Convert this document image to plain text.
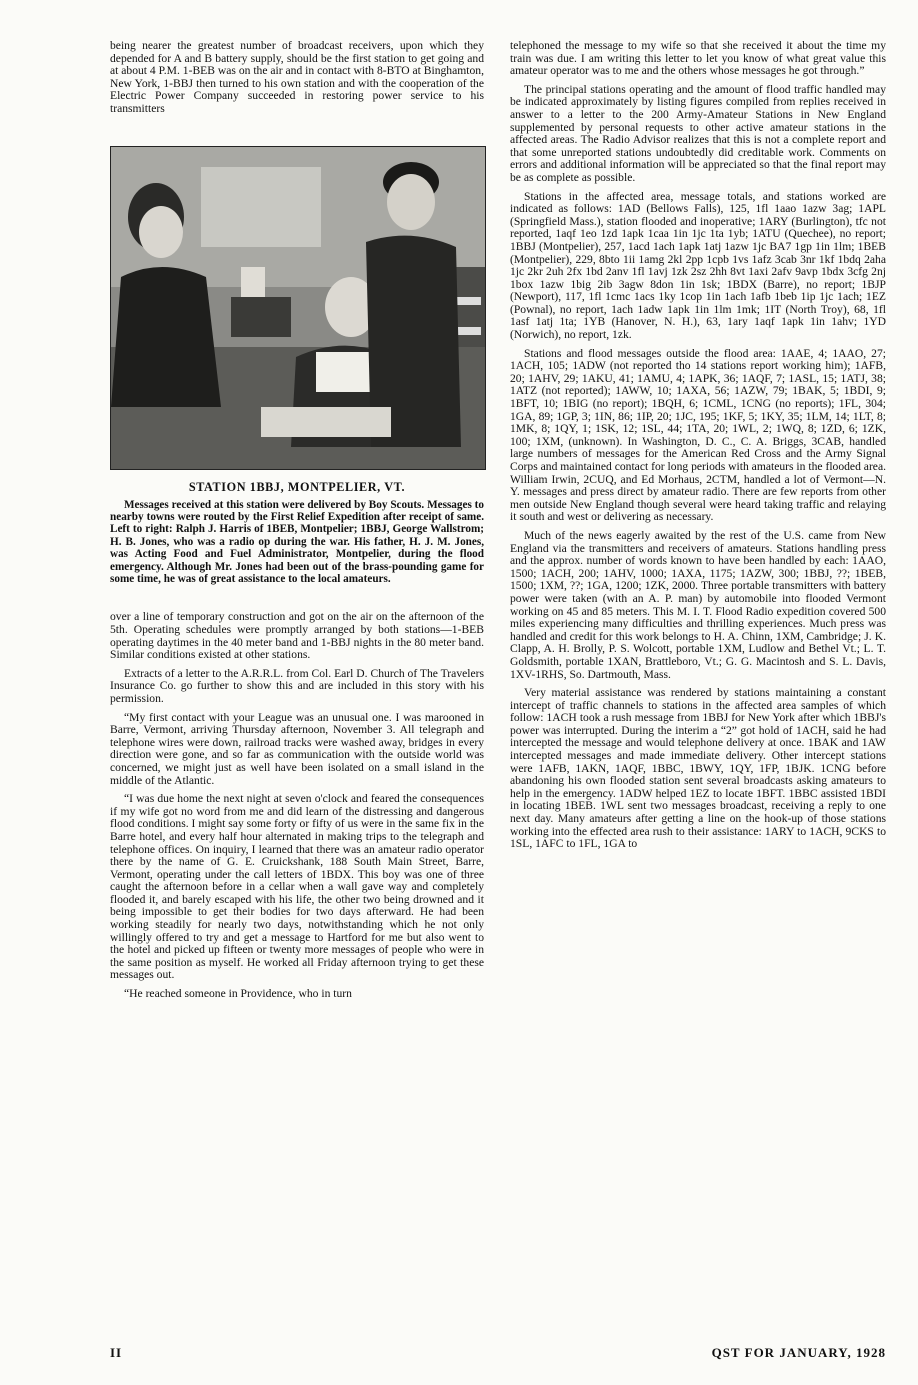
being nearer the greatest number of broadcast receivers, upon which they depended for A and B battery supply, should be the first station to get going and at about 4 P.M. 1-BEB was on the air and in contact with 8-BTO at Binghamton, New York, 1-BBJ then turned to his own station and with the cooperation of the Electric Power Company succeeded in restoring power service to his transmitters

STATION 1BBJ, MONTPELIER, VT.

Messages received at this station were delivered by Boy Scouts. Messages to nearby towns were routed by the First Relief Expedition after receipt of same. Left to right: Ralph J. Harris of 1BEB, Montpelier; 1BBJ, George Wallstrom; H. B. Jones, who was a radio op during the war. His father, H. J. M. Jones, was Acting Food and Fuel Administrator, Montpelier, during the flood emergency. Although Mr. Jones had been out of the brass-pounding game for some time, he was of great assistance to the local amateurs.

over a line of temporary construction and got on the air on the afternoon of the 5th. Operating schedules were promptly arranged by both stations—1-BEB operating daytimes in the 40 meter band and 1-BBJ nights in the 80 meter band. Similar conditions existed at other stations.

Extracts of a letter to the A.R.R.L. from Col. Earl D. Church of The Travelers Insurance Co. go further to show this and are included in this story with his permission.

“My first contact with your League was an unusual one. I was marooned in Barre, Vermont, arriving Thursday afternoon, November 3. All telegraph and telephone wires were down, railroad tracks were washed away, bridges in every direction were gone, and so far as communication with the outside world was concerned, we might just as well have been isolated on a small island in the middle of the Atlantic.

“I was due home the next night at seven o'clock and feared the consequences if my wife got no word from me and did learn of the distressing and dangerous flood conditions. I might say some forty or fifty of us were in the same fix in the Barre hotel, and every half hour alternated in making trips to the telegraph and telephone offices. On inquiry, I learned that there was an amateur radio operator there by the name of G. E. Cruickshank, 188 South Main Street, Barre, Vermont, operating under the call letters of 1BDX. This boy was one of three caught the afternoon before in a cellar when a wall gave way and completely flooded it, and barely escaped with his life, the other two being drowned and it being impossible to get their bodies for two days afterward. He had been working steadily for nearly two days, notwithstanding which he not only willingly offered to try and get a message to Hartford for me but also went to the hotel and picked up fifteen or twenty more messages of people who were in the same position as myself. He worked all Friday afternoon trying to get these messages out.

“He reached someone in Providence, who in turn

telephoned the message to my wife so that she received it about the time my train was due. I am writing this letter to let you know of what great value this amateur operator was to me and the others whose messages he got through.”

The principal stations operating and the amount of flood traffic handled may be indicated approximately by listing figures compiled from replies received in answer to a letter to the 200 Army-Amateur Stations in New England supplemented by personal requests to other active amateur stations in the affected areas. The Radio Advisor realizes that this is not a complete report and that some unreported stations undoubtedly did creditable work. Comments on errors and additional information will be appreciated so that the final report may be as complete as possible.

Stations in the affected area, message totals, and stations worked are indicated as follows: 1AD (Bellows Falls), 125, 1fl 1aao 1azw 3ag; 1APL (Springfield Mass.), station flooded and inoperative; 1ARY (Burlington), tfc not reported, 1aqf 1eo 1zd 1apk 1caa 1in 1jc 1ta 1yb; 1ATU (Quechee), no report; 1BBJ (Montpelier), 257, 1acd 1ach 1apk 1atj 1azw 1jc BA7 1gp 1in 1lm; 1BEB (Montpelier), 229, 8bto 1ii 1amg 2kl 2pp 1cpb 1vs 1afz 3cab 3nr 1kf 1bdq 2aha 1jc 2kr 2uh 2fx 1bd 2anv 1fl 1avj 1zk 2sz 2hh 8vt 1axi 2afv 9avp 1bdx 3cfg 2nj 1box 1azw 1big 2ib 3agw 8don 1in 1sk; 1BDX (Barre), no report; 1BJP (Newport), 117, 1fl 1cmc 1acs 1ky 1cop 1in 1ach 1afb 1beb 1ip 1jc 1ach; 1EZ (Pownal), no report, 1ach 1adw 1apk 1in 1lm 1mk; 1IT (North Troy), 68, 1fl 1asf 1atj 1ta; 1YB (Hanover, N. H.), 63, 1ary 1aqf 1apk 1in 1ahv; 1YD (Norwich), no report, 1zk.

Stations and flood messages outside the flood area: 1AAE, 4; 1AAO, 27; 1ACH, 105; 1ADW (not reported tho 14 stations report working him); 1AFB, 20; 1AHV, 29; 1AKU, 41; 1AMU, 4; 1APK, 36; 1AQF, 7; 1ASL, 15; 1ATJ, 38; 1ATZ (not reported); 1AWW, 10; 1AXA, 56; 1AZW, 79; 1BAK, 5; 1BDI, 9; 1BFT, 10; 1BIG (no report); 1BQH, 6; 1CML, 1CNG (no reports); 1FL, 304; 1GA, 89; 1GP, 3; 1IN, 86; 1IP, 20; 1JC, 195; 1KF, 5; 1KY, 35; 1LM, 14; 1LT, 8; 1MK, 8; 1QY, 1; 1SK, 12; 1SL, 44; 1TA, 20; 1WL, 2; 1WQ, 8; 1ZD, 6; 1ZK, 100; 1XM, (unknown). In Washington, D. C., C. A. Briggs, 3CAB, handled large numbers of messages for the American Red Cross and the Army Signal Corps and maintained contact for long periods with amateurs in the flooded area. William Irwin, 2CUQ, and Ed Morhaus, 2CTM, handled a lot of Vermont—N. Y. messages and press direct by amateur radio. There are few reports from other men outside New England though several were heard taking traffic and relaying it south and west or delivering as necessary.

Much of the news eagerly awaited by the rest of the U.S. came from New England via the transmitters and receivers of amateurs. Stations handling press and the approx. number of words known to have been handled by each: 1AAO, 1500; 1ACH, 200; 1AHV, 1000; 1AXA, 1175; 1AZW, 300; 1BBJ, ??; 1BEB, 1500; 1XM, ??; 1GA, 1200; 1ZK, 2000. Three portable transmitters with battery power were taken (with an A. P. man) by automobile into flooded Vermont working on 45 and 85 meters. This M. I. T. Flood Radio expedition covered 500 miles experiencing many difficulties and thrilling experiences. Much press was handled and credit for this work belongs to H. A. Chinn, 1XM, Cambridge; J. K. Clapp, A. H. Brolly, P. S. Wolcott, portable 1XM, Ludlow and Bethel Vt.; L. T. Goldsmith, portable 1XAN, Brattleboro, Vt.; G. G. Macintosh and S. L. Davis, 1XV-1RHS, So. Dartmouth, Mass.

Very material assistance was rendered by stations maintaining a constant intercept of traffic channels to stations in the affected area samples of which follow: 1ACH took a rush message from 1BBJ for New York after which 1BBJ's power was interrupted. During the interim a “2” got hold of 1ACH, said he had intercepted the message and would telephone delivery at once. 1BAK and 1AW intercepted messages and made immediate delivery. Other intercept stations were 1AFB, 1AKN, 1AQF, 1BBC, 1BWY, 1QY, 1FP, 1BJK. 1CNG before abandoning his own flooded station sent several broadcasts asking amateurs to help in the emergency. 1ADW helped 1EZ to locate 1BFT. 1BBC assisted 1BDI in locating 1BEB. 1WL sent two messages broadcast, receiving a reply to one next day. Many amateurs after getting a line on the hook-up of those stations working into the effected area rush to their assistance: 1ARY to 1ACH, 9CKS to 1SL, 1AFC to 1FL, 1GA to

II	QST FOR JANUARY, 1928
